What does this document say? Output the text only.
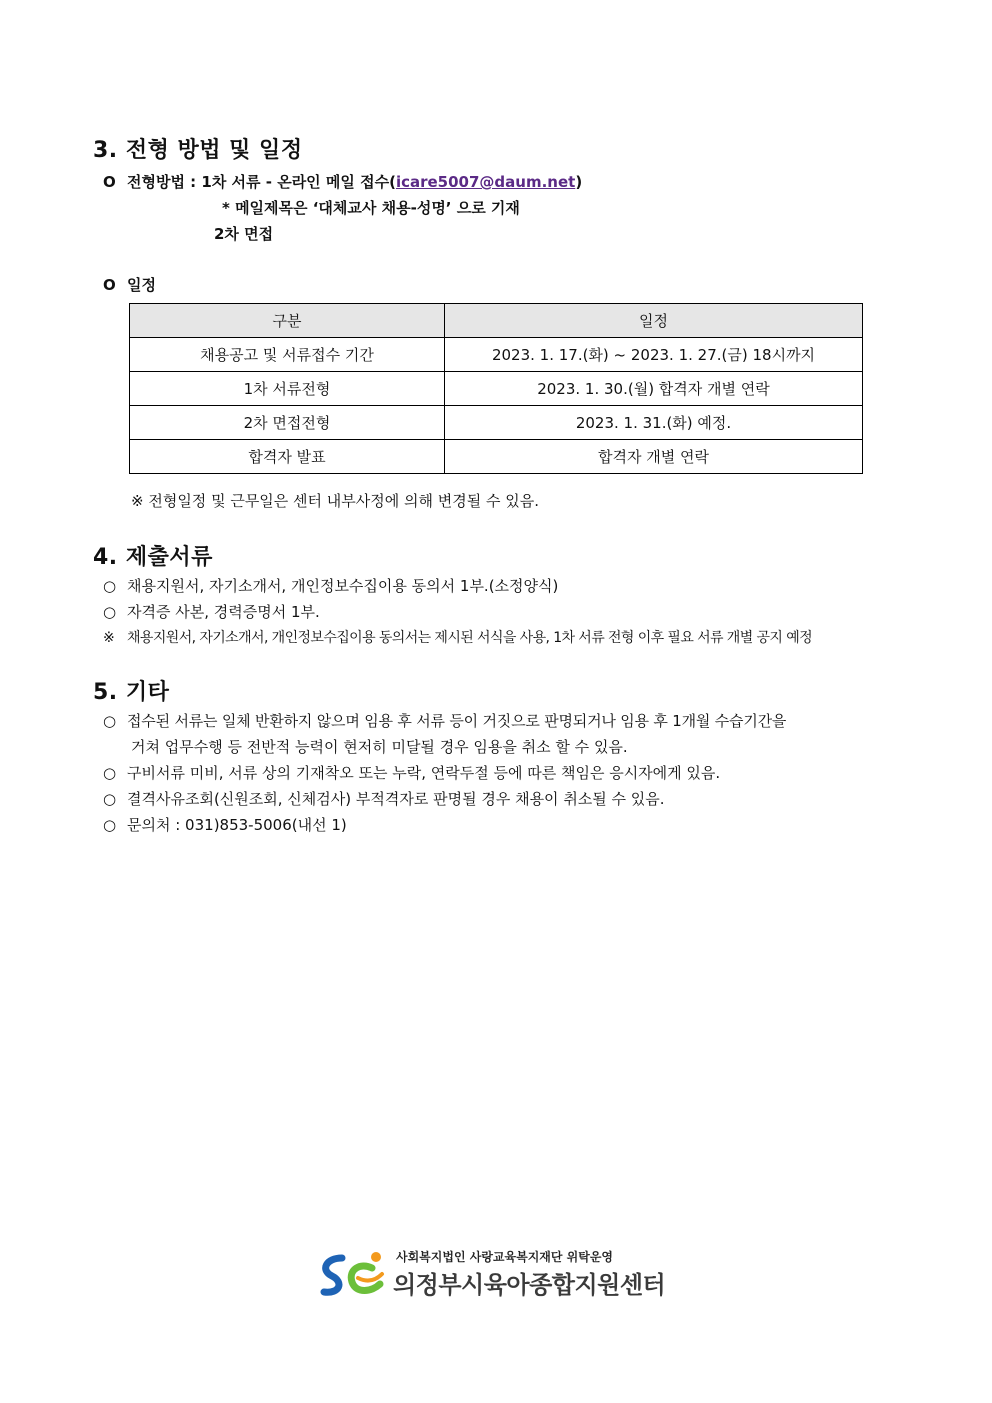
3. 전형 방법 및 일정
O 전형방법 : 1차 서류 - 온라인 메일 접수(icare5007@daum.net)
* 메일제목은 ‘대체교사 채용-성명’ 으로 기재
2차 면접
O 일정
구분	일정
채용공고 및 서류접수 기간	2023. 1. 17.(화) ~ 2023. 1. 27.(금) 18시까지
1차 서류전형	2023. 1. 30.(월) 합격자 개별 연락
2차 면접전형	2023. 1. 31.(화) 예정.
합격자 발표	합격자 개별 연락
※ 전형일정 및 근무일은 센터 내부사정에 의해 변경될 수 있음.
4. 제출서류
○ 채용지원서, 자기소개서, 개인정보수집이용 동의서 1부.(소정양식)
○ 자격증 사본, 경력증명서 1부.
※ 채용지원서, 자기소개서, 개인정보수집이용 동의서는 제시된 서식을 사용, 1차 서류 전형 이후 필요 서류 개별 공지 예정
5. 기타
○ 접수된 서류는 일체 반환하지 않으며 임용 후 서류 등이 거짓으로 판명되거나 임용 후 1개월 수습기간을
거쳐 업무수행 등 전반적 능력이 현저히 미달될 경우 임용을 취소 할 수 있음.
○ 구비서류 미비, 서류 상의 기재착오 또는 누락, 연락두절 등에 따른 책임은 응시자에게 있음.
○ 결격사유조회(신원조회, 신체검사) 부적격자로 판명될 경우 채용이 취소될 수 있음.
○ 문의처 : 031)853-5006(내선 1)
사회복지법인 사랑교육복지재단 위탁운영
의정부시육아종합지원센터
